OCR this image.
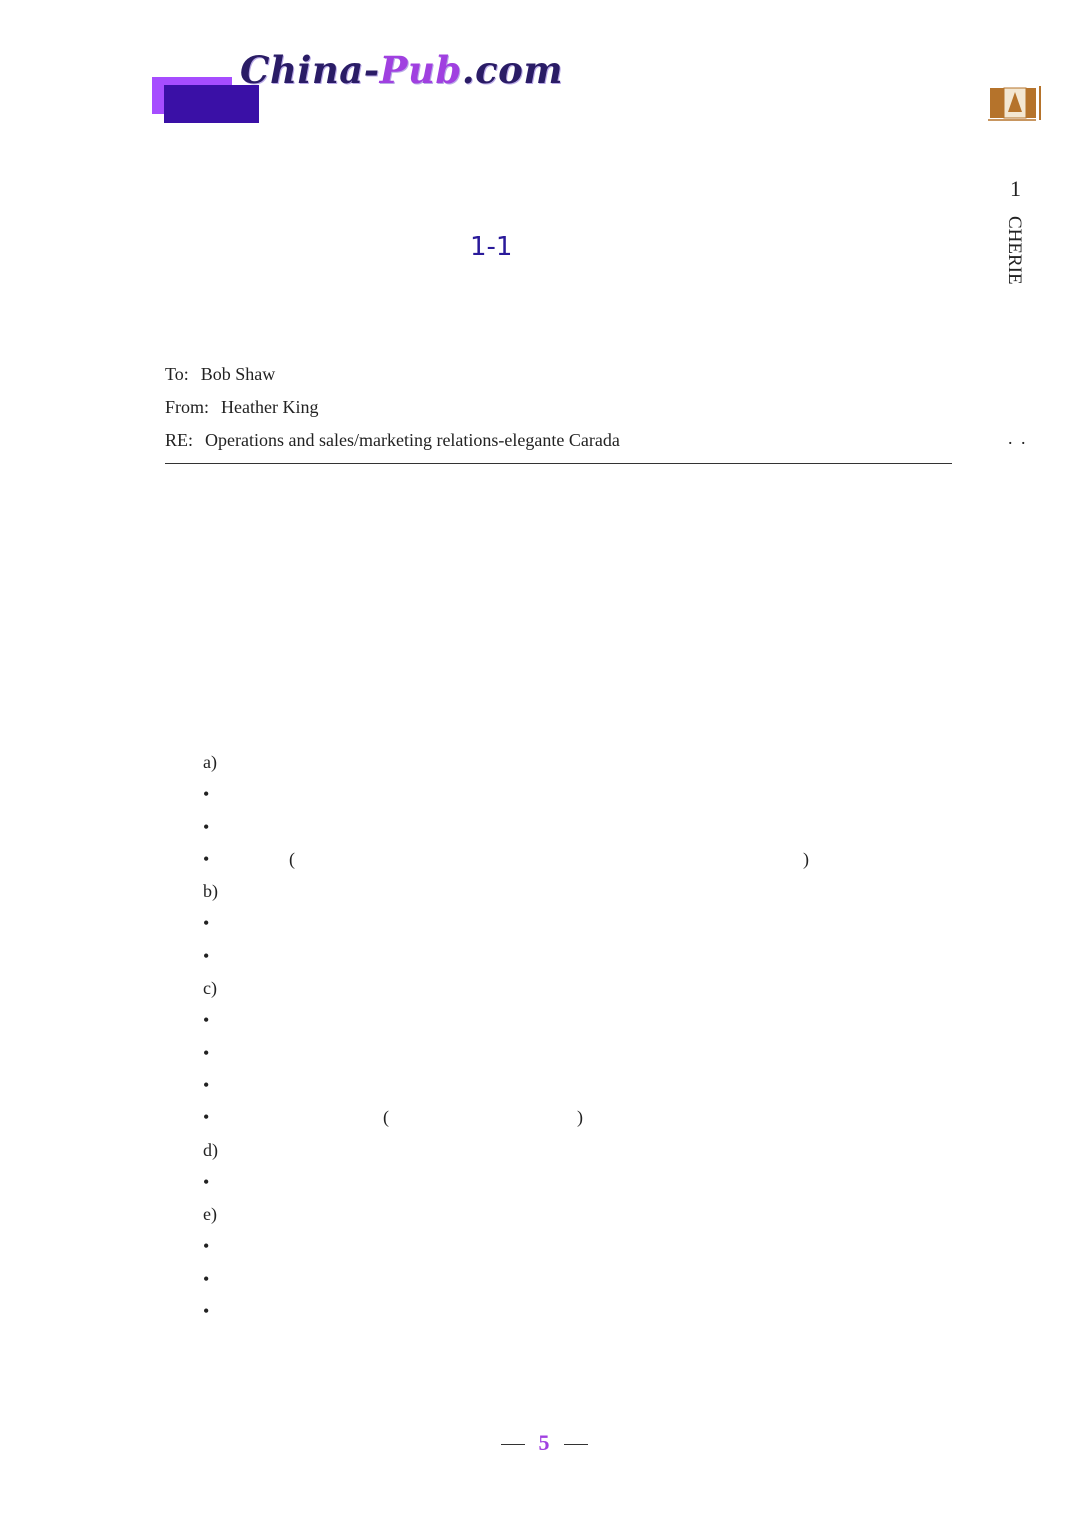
China-Pub.com
1
CHERIE
. .
1-1
To: Bob Shaw
From: Heather King
RE: Operations and sales/marketing relations-elegante Carada
a)
•
•
•	(	)
b)
•
•
c)
•
•
•
•	(	)
d)
•
e)
•
•
•
5
